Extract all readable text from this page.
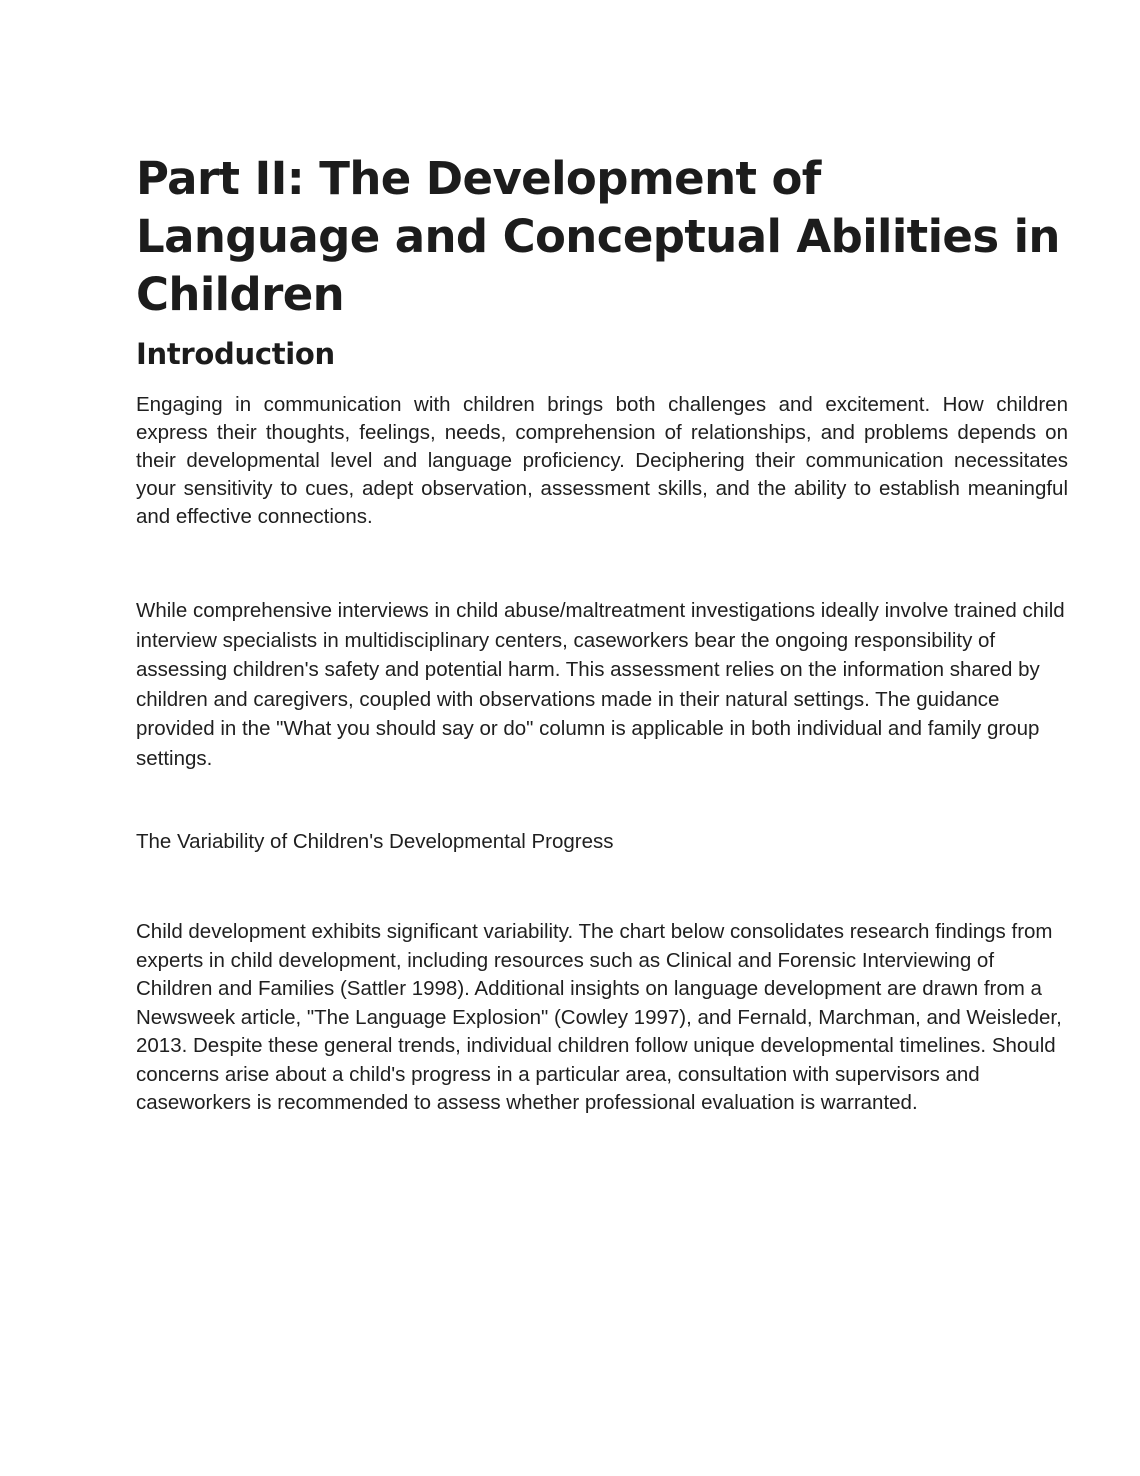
Part II: The Development of Language and Conceptual Abilities in Children
Introduction

Engaging in communication with children brings both challenges and excitement. How children express their thoughts, feelings, needs, comprehension of relationships, and problems depends on their developmental level and language proficiency. Deciphering their communication necessitates your sensitivity to cues, adept observation, assessment skills, and the ability to establish meaningful and effective connections.

While comprehensive interviews in child abuse/maltreatment investigations ideally involve trained child interview specialists in multidisciplinary centers, caseworkers bear the ongoing responsibility of assessing children's safety and potential harm. This assessment relies on the information shared by children and caregivers, coupled with observations made in their natural settings. The guidance provided in the "What you should say or do" column is applicable in both individual and family group settings.

The Variability of Children's Developmental Progress

Child development exhibits significant variability. The chart below consolidates research findings from experts in child development, including resources such as Clinical and Forensic Interviewing of Children and Families (Sattler 1998). Additional insights on language development are drawn from a Newsweek article, "The Language Explosion" (Cowley 1997), and Fernald, Marchman, and Weisleder, 2013. Despite these general trends, individual children follow unique developmental timelines. Should concerns arise about a child's progress in a particular area, consultation with supervisors and caseworkers is recommended to assess whether professional evaluation is warranted.
